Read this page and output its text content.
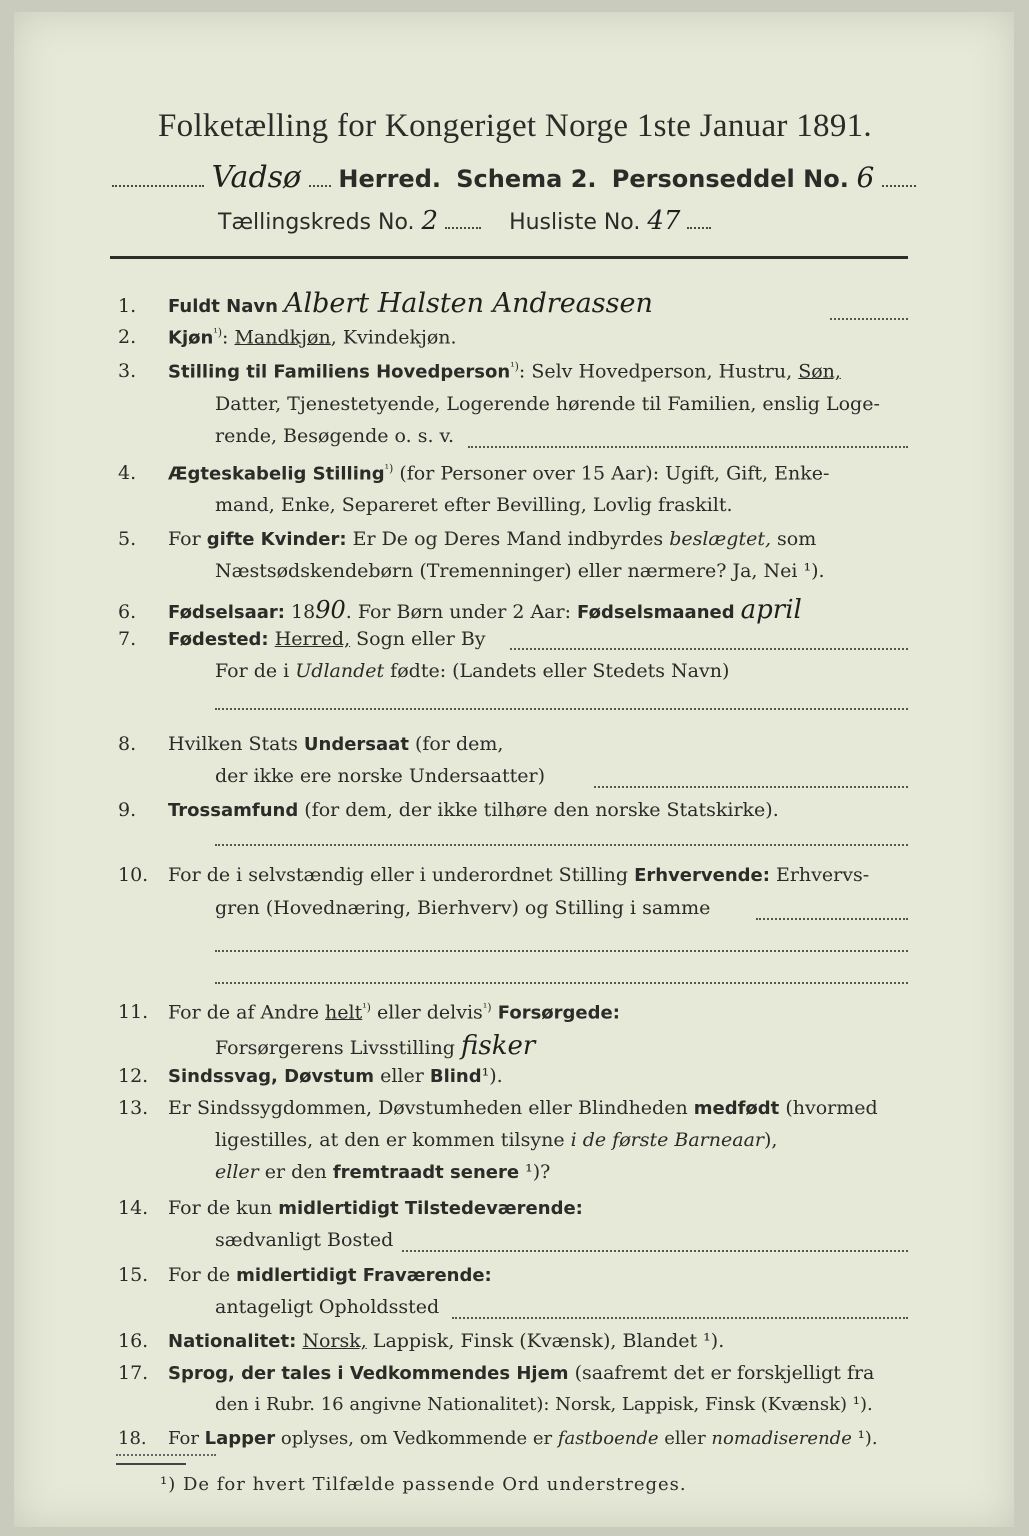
Folketælling for Kongeriget Norge 1ste Januar 1891.
Vadsø Herred. Schema 2. Personseddel No. 6
Tællingskreds No. 2	Husliste No. 47
1. Fuldt Navn Albert Halsten Andreassen
2. Kjøn$^{^1)}$: Mandkjøn, Kvindekjøn.
3. Stilling til Familiens Hovedperson$^{^1)}$: Selv Hovedperson, Hustru, Søn,
Datter, Tjenestetyende, Logerende hørende til Familien, enslig Loge-
rende, Besøgende o. s. v.
4. Ægteskabelig Stilling$^{^1)}$ (for Personer over 15 Aar): Ugift, Gift, Enke-
mand, Enke, Separeret efter Bevilling, Lovlig fraskilt.
5. For gifte Kvinder: Er De og Deres Mand indbyrdes beslægtet, som
Næstsødskendebørn (Tremenninger) eller nærmere? Ja, Nei ¹).
6. Fødselsaar: 1890. For Børn under 2 Aar: Fødselsmaaned april
7. Fødested: Herred, Sogn eller By
For de i Udlandet fødte: (Landets eller Stedets Navn)
8. Hvilken Stats Undersaat (for dem,
der ikke ere norske Undersaatter)
9. Trossamfund (for dem, der ikke tilhøre den norske Statskirke).
10. For de i selvstændig eller i underordnet Stilling Erhvervende: Erhvervs-
gren (Hovednæring, Bierhverv) og Stilling i samme
11. For de af Andre helt$^{^1)}$ eller delvis$^{^1)}$ Forsørgede:
Forsørgerens Livsstilling fisker
12. Sindssvag, Døvstum eller Blind¹).
13. Er Sindssygdommen, Døvstumheden eller Blindheden medfødt (hvormed
ligestilles, at den er kommen tilsyne i de første Barneaar),
eller er den fremtraadt senere ¹)?
14. For de kun midlertidigt Tilstedeværende:
sædvanligt Bosted
15. For de midlertidigt Fraværende:
antageligt Opholdssted
16. Nationalitet: Norsk, Lappisk, Finsk (Kvænsk), Blandet ¹).
17. Sprog, der tales i Vedkommendes Hjem (saafremt det er forskjelligt fra
den i Rubr. 16 angivne Nationalitet): Norsk, Lappisk, Finsk (Kvænsk) ¹).
18. For Lapper oplyses, om Vedkommende er fastboende eller nomadiserende ¹).
¹) De for hvert Tilfælde passende Ord understreges.
